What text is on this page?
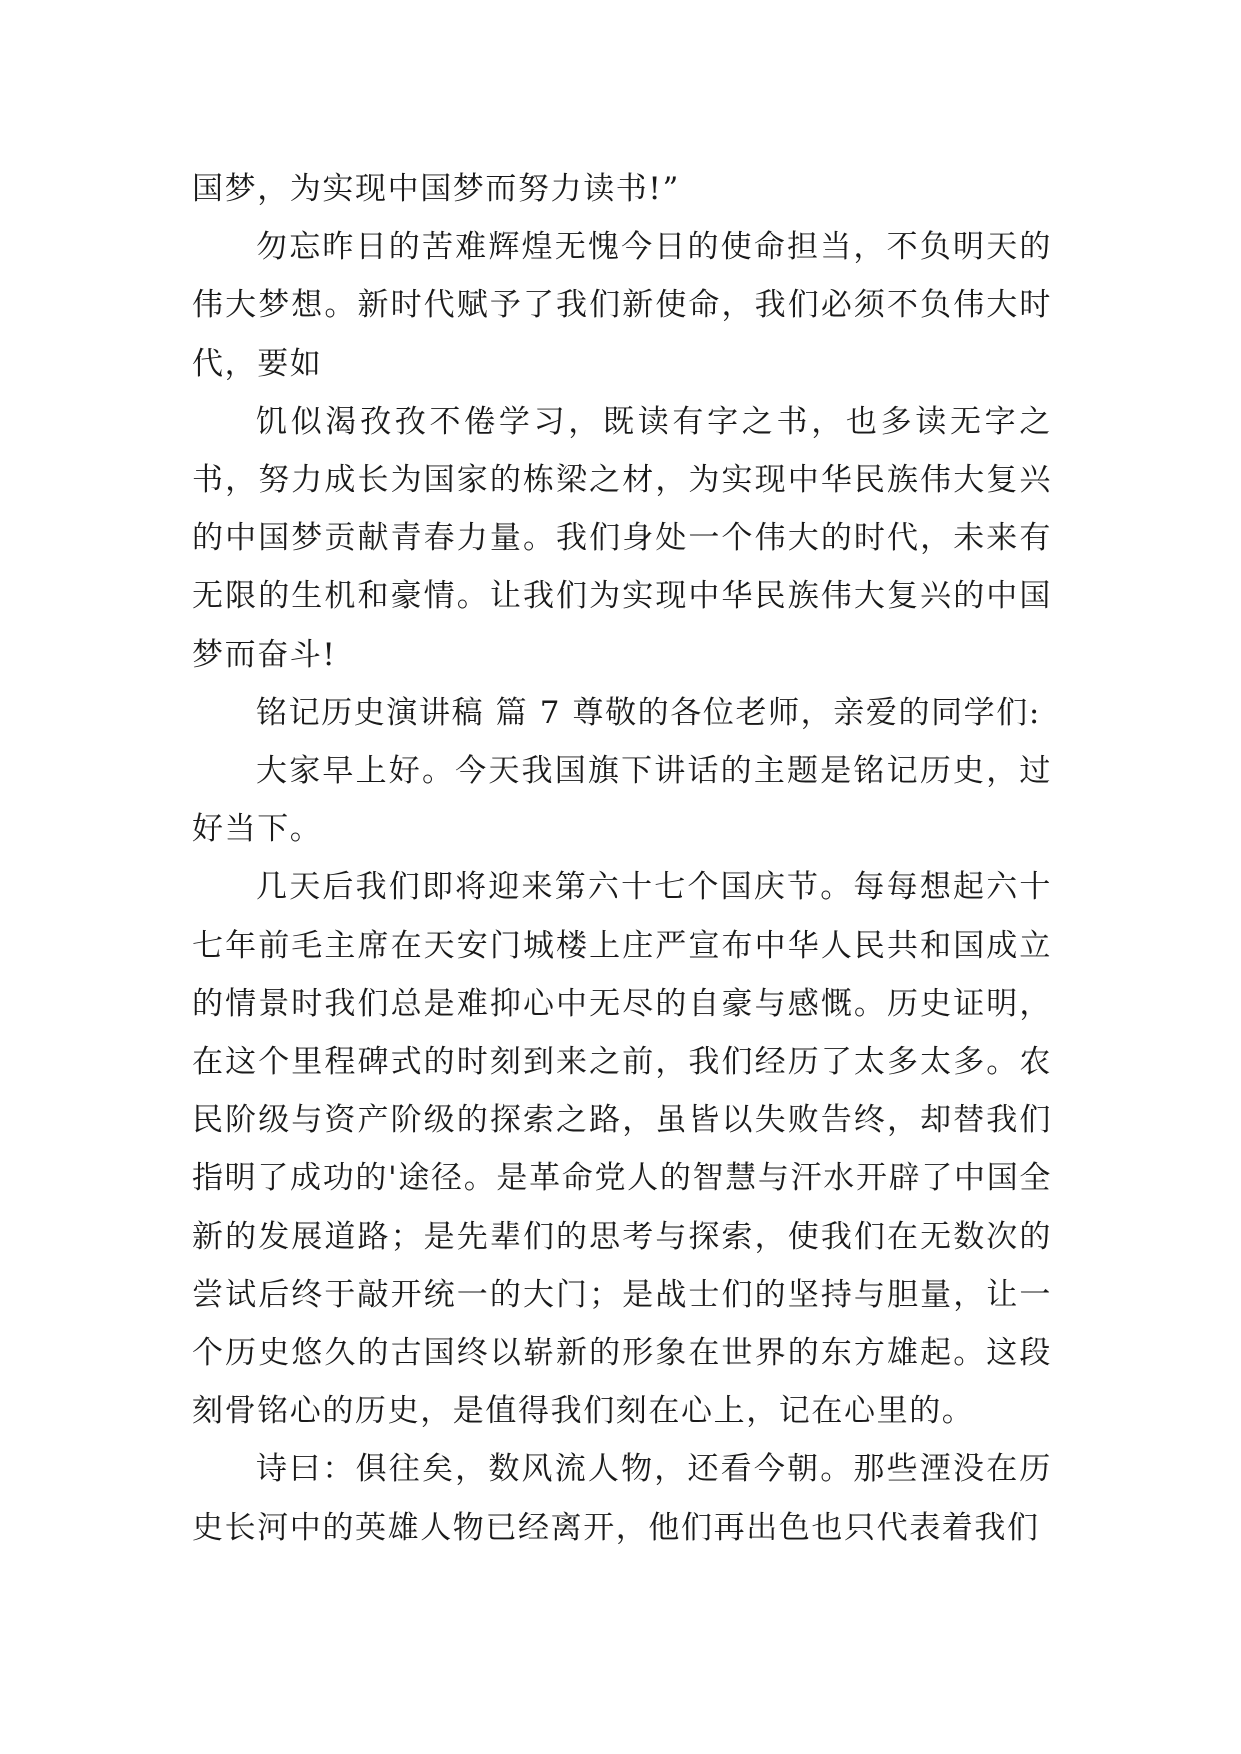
国梦，为实现中国梦而努力读书!”

勿忘昨日的苦难辉煌无愧今日的使命担当，不负明天的伟大梦想。新时代赋予了我们新使命，我们必须不负伟大时代，要如

饥似渴孜孜不倦学习，既读有字之书，也多读无字之书，努力成长为国家的栋梁之材，为实现中华民族伟大复兴的中国梦贡献青春力量。我们身处一个伟大的时代，未来有无限的生机和豪情。让我们为实现中华民族伟大复兴的中国梦而奋斗!

铭记历史演讲稿 篇 7 尊敬的各位老师，亲爱的同学们:

大家早上好。今天我国旗下讲话的主题是铭记历史，过好当下。

几天后我们即将迎来第六十七个国庆节。每每想起六十七年前毛主席在天安门城楼上庄严宣布中华人民共和国成立的情景时我们总是难抑心中无尽的自豪与感慨。历史证明，在这个里程碑式的时刻到来之前，我们经历了太多太多。农民阶级与资产阶级的探索之路，虽皆以失败告终，却替我们指明了成功的'途径。是革命党人的智慧与汗水开辟了中国全新的发展道路；是先辈们的思考与探索，使我们在无数次的尝试后终于敲开统一的大门；是战士们的坚持与胆量，让一个历史悠久的古国终以崭新的形象在世界的东方雄起。这段刻骨铭心的历史，是值得我们刻在心上，记在心里的。

诗曰：俱往矣，数风流人物，还看今朝。那些湮没在历史长河中的英雄人物已经离开，他们再出色也只代表着我们
